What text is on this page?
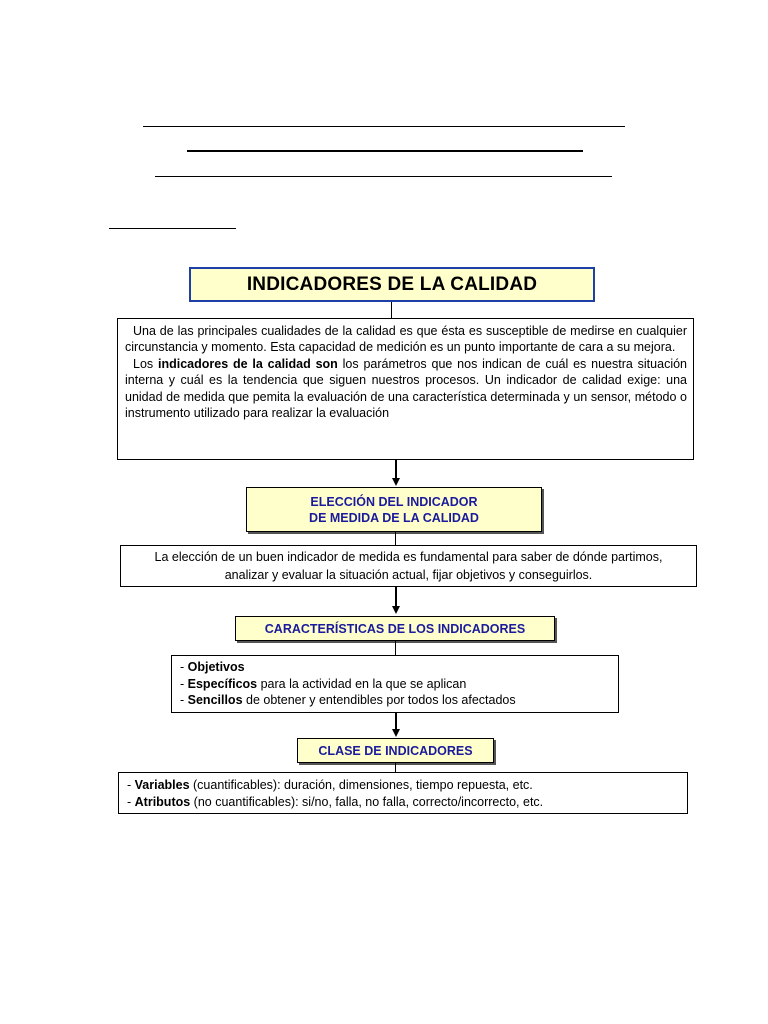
INDICADORES DE LA CALIDAD

Una de las principales cualidades de la calidad es que ésta es susceptible de medirse en cualquier circunstancia y momento. Esta capacidad de medición es un punto importante de cara a su mejora.

Los indicadores de la calidad son los parámetros que nos indican de cuál es nuestra situación interna y cuál es la tendencia que siguen nuestros procesos. Un indicador de calidad exige: una unidad de medida que pemita la evaluación de una característica determinada y un sensor, método o instrumento utilizado para realizar la evaluación

ELECCIÓN DEL INDICADOR
DE MEDIDA DE LA CALIDAD

La elección de un buen indicador de medida es fundamental para saber de dónde partimos, analizar y evaluar la situación actual, fijar objetivos y conseguirlos.

CARACTERÍSTICAS DE LOS INDICADORES
- Objetivos
- Específicos para la actividad en la que se aplican
- Sencillos de obtener y entendibles por todos los afectados
CLASE DE INDICADORES
- Variables (cuantificables): duración, dimensiones, tiempo repuesta, etc.
- Atributos (no cuantificables): si/no, falla, no falla, correcto/incorrecto, etc.
